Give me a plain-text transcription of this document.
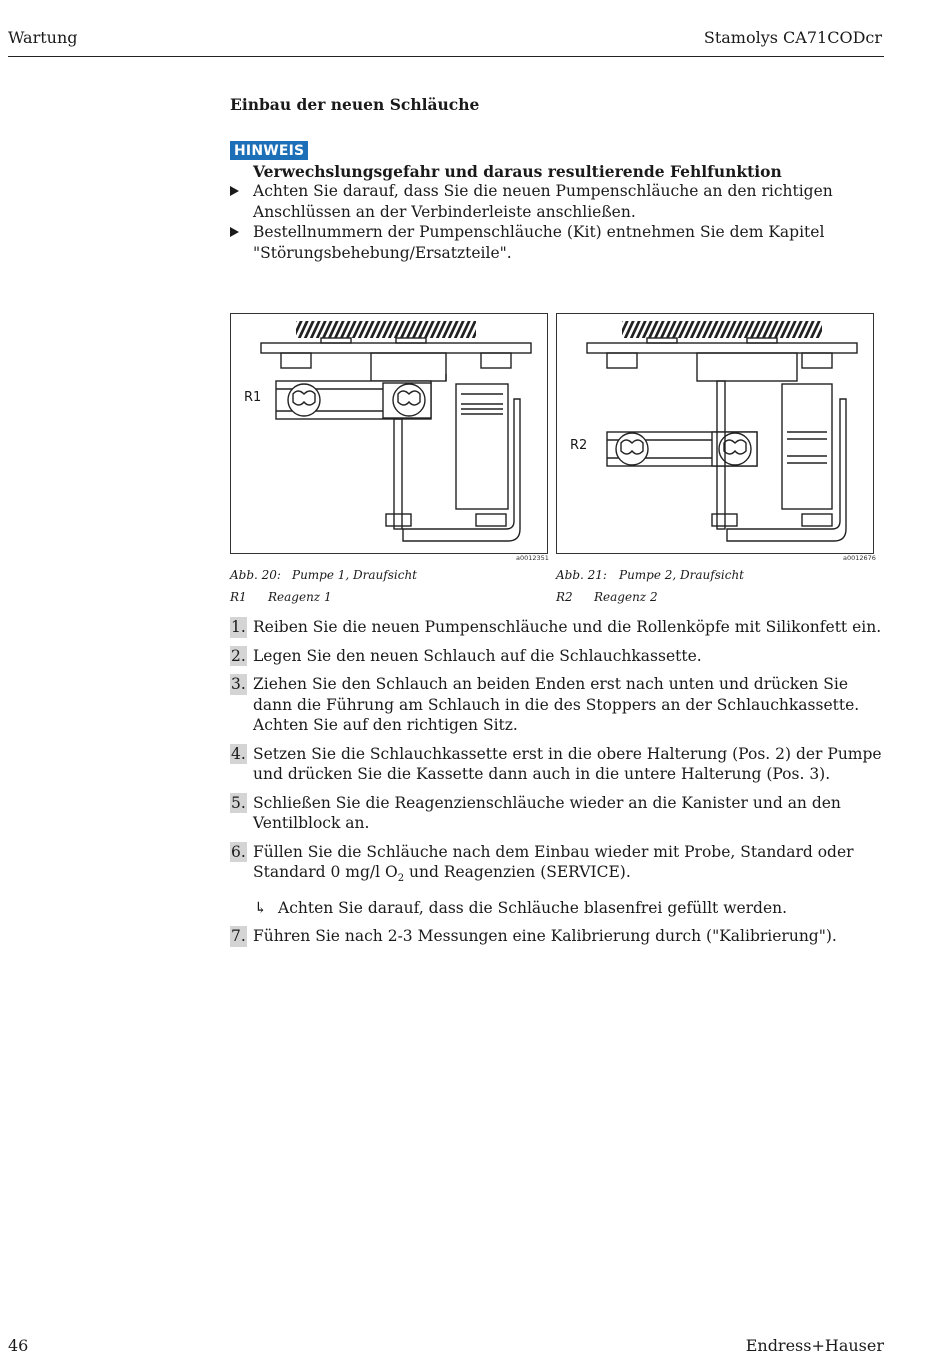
Wartung	Stamolys CA71CODcr
Einbau der neuen Schläuche
HINWEIS
Verwechslungsgefahr und daraus resultierende Fehlfunktion
Achten Sie darauf, dass Sie die neuen Pumpenschläuche an den richtigen Anschlüssen an der Verbinderleiste anschließen.
Bestellnummern der Pumpenschläuche (Kit) entnehmen Sie dem Kapitel "Störungsbehebung/Ersatzteile".
R1
a0012351
R2
a0012676
Abb. 20: Pumpe 1, Draufsicht
R1 Reagenz 1
Abb. 21: Pumpe 2, Draufsicht
R2 Reagenz 2
1. Reiben Sie die neuen Pumpenschläuche und die Rollenköpfe mit Silikonfett ein.
2. Legen Sie den neuen Schlauch auf die Schlauchkassette.
3. Ziehen Sie den Schlauch an beiden Enden erst nach unten und drücken Sie dann die Führung am Schlauch in die des Stoppers an der Schlauchkassette. Achten Sie auf den richtigen Sitz.
4. Setzen Sie die Schlauchkassette erst in die obere Halterung (Pos. 2) der Pumpe und drücken Sie die Kassette dann auch in die untere Halterung (Pos. 3).
5. Schließen Sie die Reagenzienschläuche wieder an die Kanister und an den Ventilblock an.
6. Füllen Sie die Schläuche nach dem Einbau wieder mit Probe, Standard oder Standard 0 mg/l $O_2$ und Reagenzien (SERVICE).
↳ Achten Sie darauf, dass die Schläuche blasenfrei gefüllt werden.
7. Führen Sie nach 2-3 Messungen eine Kalibrierung durch ("Kalibrierung").
46	Endress+Hauser
